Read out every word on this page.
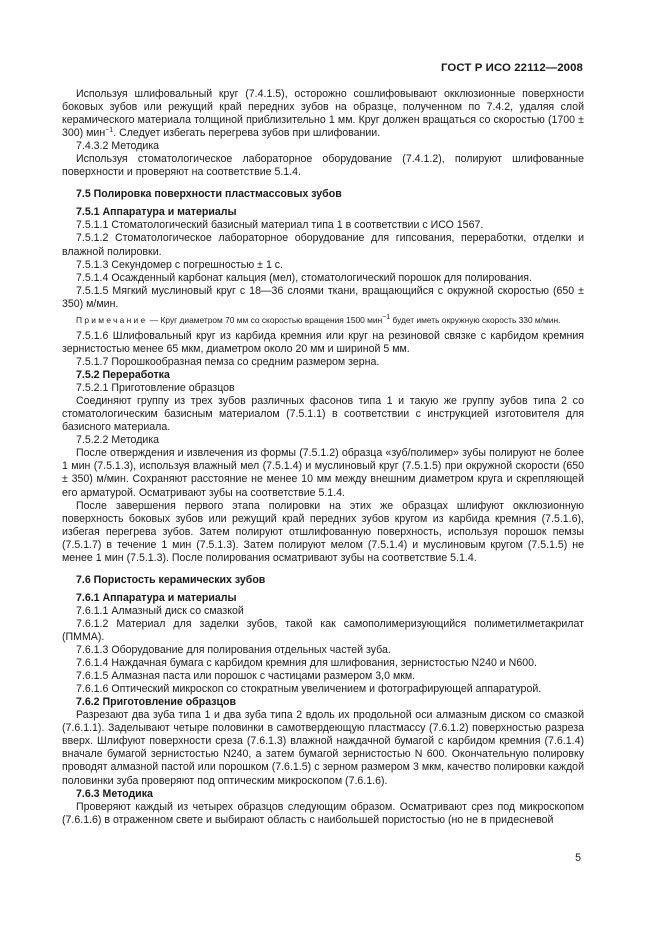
ГОСТ Р ИСО 22112—2008

Используя шлифовальный круг (7.4.1.5), осторожно сошлифовывают окклюзионные поверхности боковых зубов или режущий край передних зубов на образце, полученном по 7.4.2, удаляя слой керамического материала толщиной приблизительно 1 мм. Круг должен вращаться со скоростью (1700 ± 300) мин$^{-1}$. Следует избегать перегрева зубов при шлифовании.

7.4.3.2 Методика

Используя стоматологическое лабораторное оборудование (7.4.1.2), полируют шлифованные поверхности и проверяют на соответствие 5.1.4.

7.5 Полировка поверхности пластмассовых зубов

7.5.1 Аппаратура и материалы

7.5.1.1 Стоматологический базисный материал типа 1 в соответствии с ИСО 1567.

7.5.1.2 Стоматологическое лабораторное оборудование для гипсования, переработки, отделки и влажной полировки.

7.5.1.3 Секундомер с погрешностью ± 1 с.

7.5.1.4 Осажденный карбонат кальция (мел), стоматологический порошок для полирования.

7.5.1.5 Мягкий муслиновый круг с 18—36 слоями ткани, вращающийся с окружной скоростью (650 ± 350) м/мин.

Примечание — Круг диаметром 70 мм со скоростью вращения 1500 мин$^{-1}$ будет иметь окружную скорость 330 м/мин.

7.5.1.6 Шлифовальный круг из карбида кремния или круг на резиновой связке с карбидом кремния зернистостью менее 65 мкм, диаметром около 20 мм и шириной 5 мм.

7.5.1.7 Порошкообразная пемза со средним размером зерна.

7.5.2 Переработка

7.5.2.1 Приготовление образцов

Соединяют группу из трех зубов различных фасонов типа 1 и такую же группу зубов типа 2 со стоматологическим базисным материалом (7.5.1.1) в соответствии с инструкцией изготовителя для базисного материала.

7.5.2.2 Методика

После отверждения и извлечения из формы (7.5.1.2) образца «зуб/полимер» зубы полируют не более 1 мин (7.5.1.3), используя влажный мел (7.5.1.4) и муслиновый круг (7.5.1.5) при окружной скорости (650 ± 350) м/мин. Сохраняют расстояние не менее 10 мм между внешним диаметром круга и скрепляющей его арматурой. Осматривают зубы на соответствие 5.1.4.

После завершения первого этапа полировки на этих же образцах шлифуют окклюзионную поверхность боковых зубов или режущий край передних зубов кругом из карбида кремния (7.5.1.6), избегая перегрева зубов. Затем полируют отшлифованную поверхность, используя порошок пемзы (7.5.1.7) в течение 1 мин (7.5.1.3). Затем полируют мелом (7.5.1.4) и муслиновым кругом (7.5.1.5) не менее 1 мин (7.5.1.3). После полирования осматривают зубы на соответствие 5.1.4.

7.6 Пористость керамических зубов

7.6.1 Аппаратура и материалы

7.6.1.1 Алмазный диск со смазкой

7.6.1.2 Материал для заделки зубов, такой как самополимеризующийся полиметилметакрилат (ПММА).

7.6.1.3 Оборудование для полирования отдельных частей зуба.

7.6.1.4 Наждачная бумага с карбидом кремния для шлифования, зернистостью N240 и N600.

7.6.1.5 Алмазная паста или порошок с частицами размером 3,0 мкм.

7.6.1.6 Оптический микроскоп со стократным увеличением и фотографирующей аппаратурой.

7.6.2 Приготовление образцов

Разрезают два зуба типа 1 и два зуба типа 2 вдоль их продольной оси алмазным диском со смазкой (7.6.1.1). Заделывают четыре половинки в самотвердеющую пластмассу (7.6.1.2) поверхностью разреза вверх. Шлифуют поверхности среза (7.6.1.3) влажной наждачной бумагой с карбидом кремния (7.6.1.4) вначале бумагой зернистостью N240, а затем бумагой зернистостью N 600. Окончательную полировку проводят алмазной пастой или порошком (7.6.1.5) с зерном размером 3 мкм, качество полировки каждой половинки зуба проверяют под оптическим микроскопом (7.6.1.6).

7.6.3 Методика

Проверяют каждый из четырех образцов следующим образом. Осматривают срез под микроскопом (7.6.1.6) в отраженном свете и выбирают область с наибольшей пористостью (но не в придесневой

5
